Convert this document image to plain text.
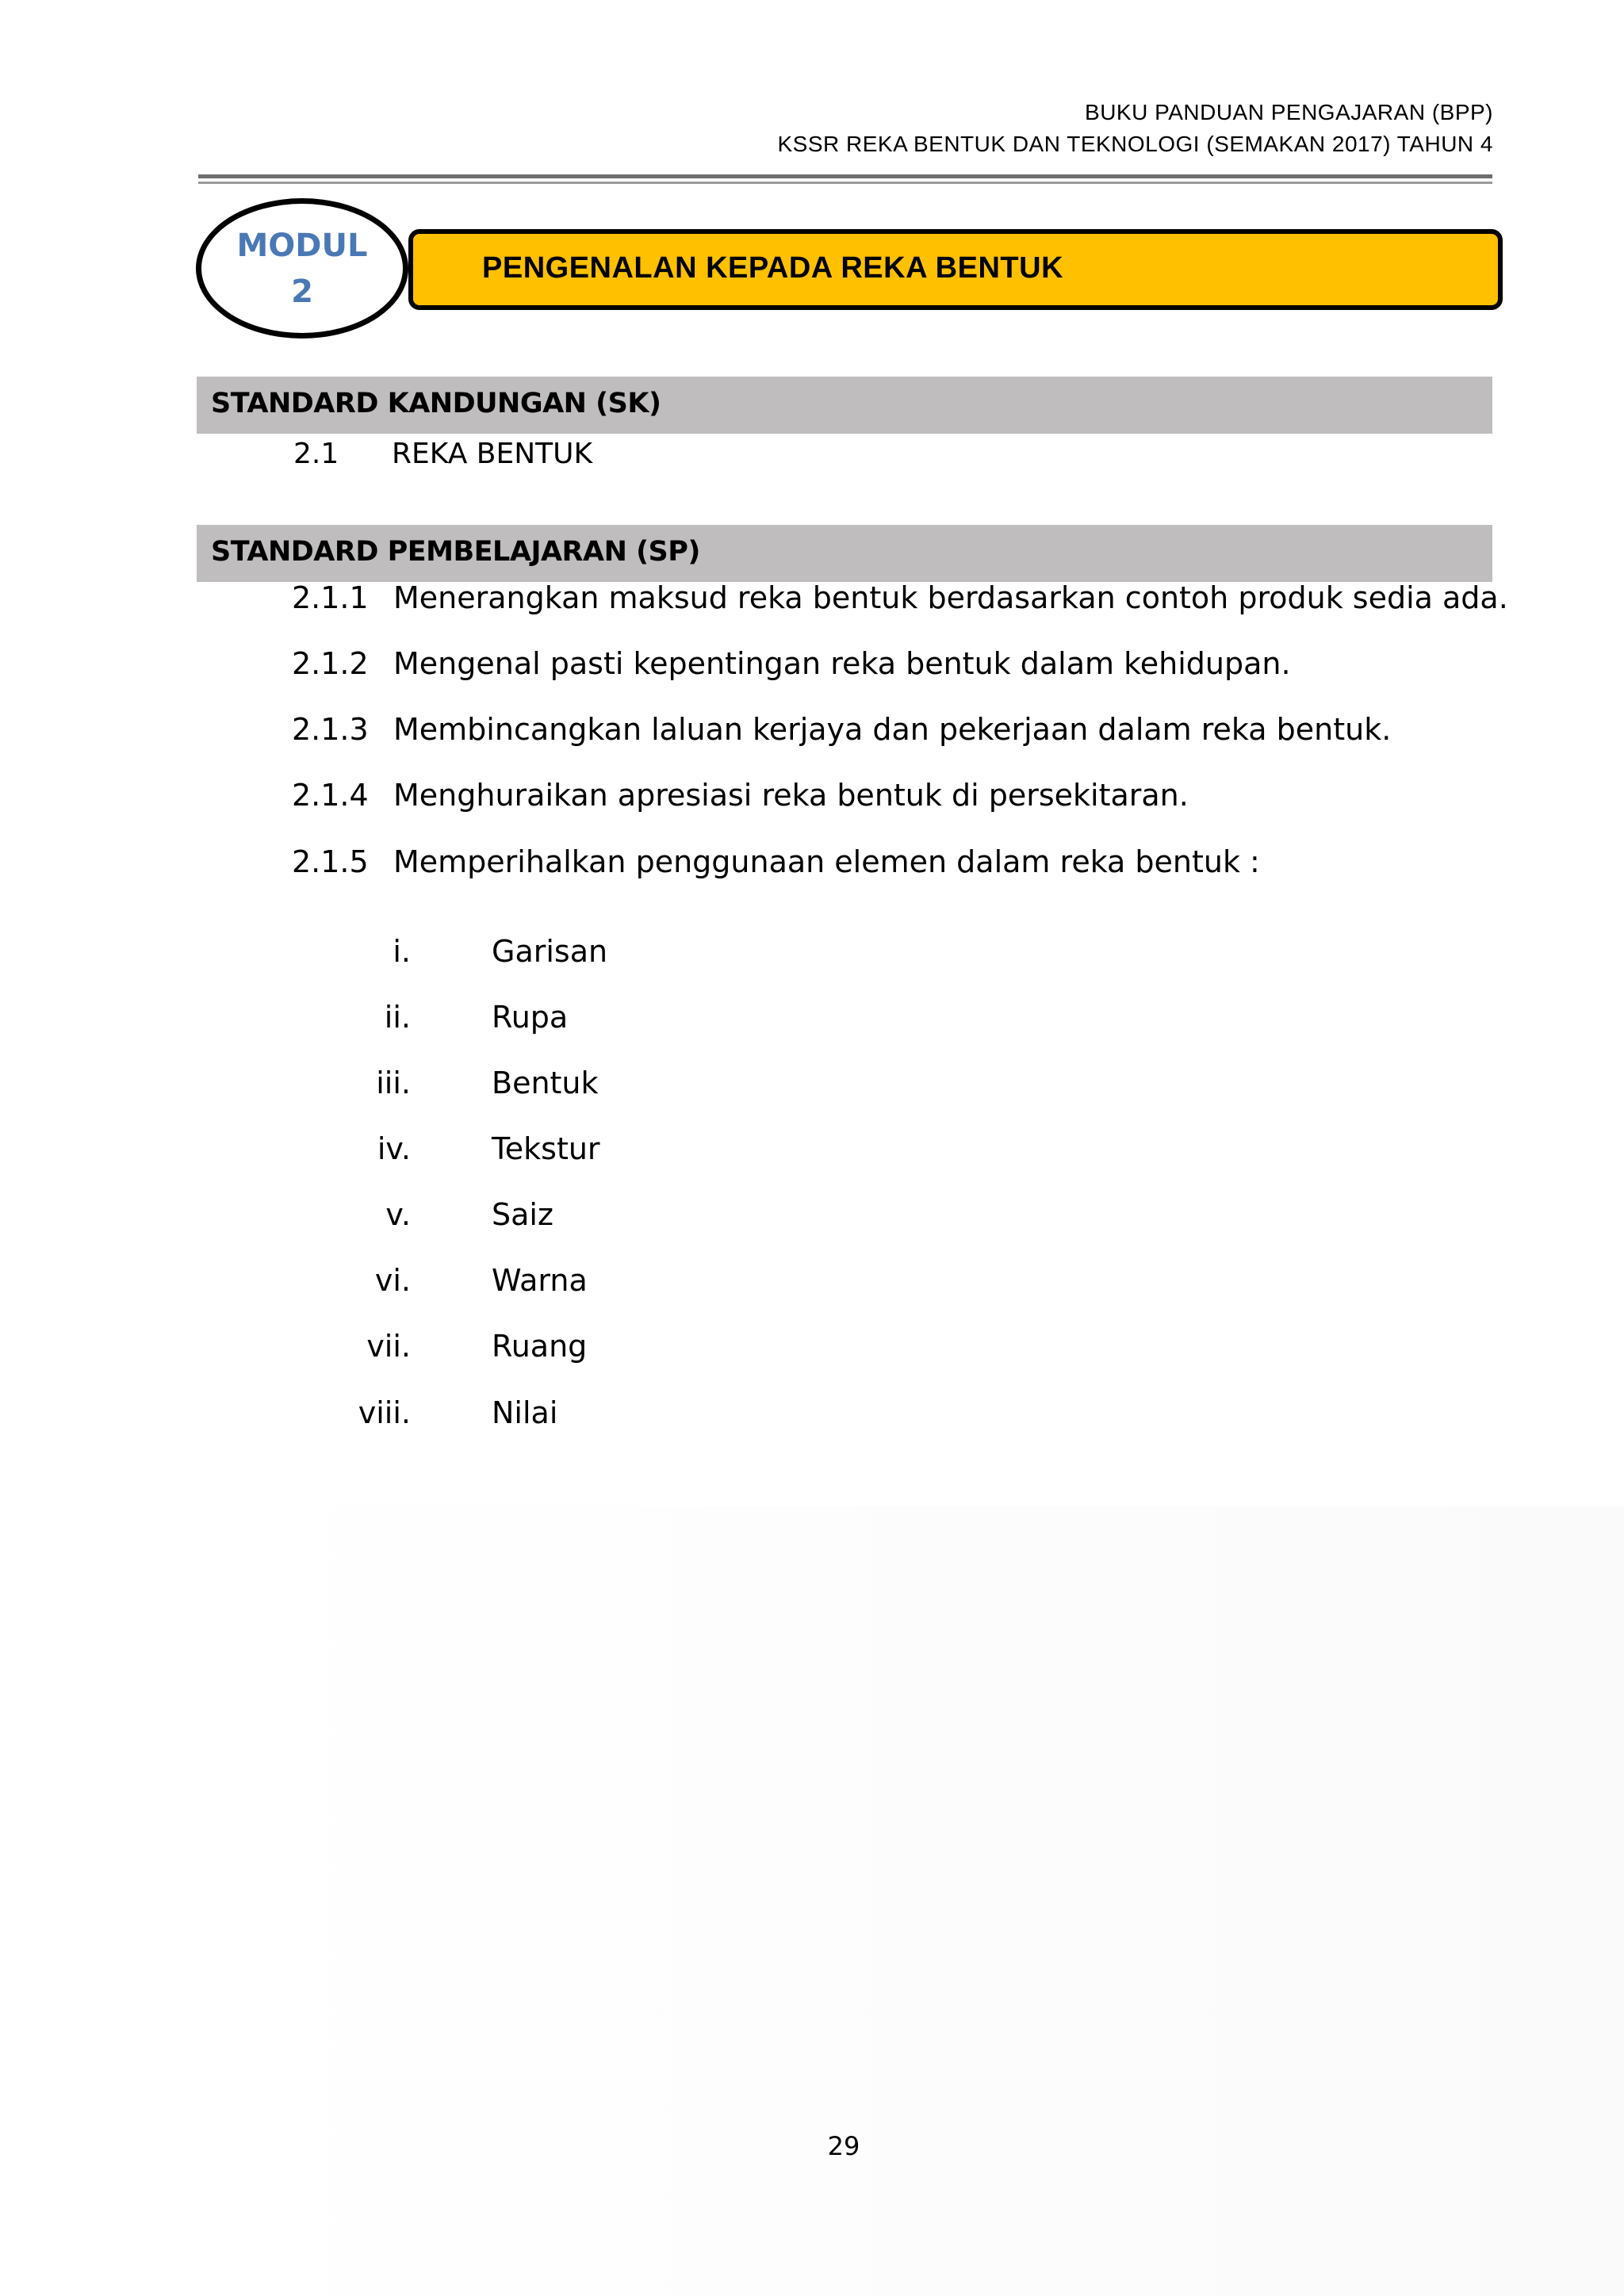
BUKU PANDUAN PENGAJARAN (BPP)
KSSR REKA BENTUK DAN TEKNOLOGI (SEMAKAN 2017) TAHUN 4
MODUL
2
PENGENALAN KEPADA REKA BENTUK
STANDARD KANDUNGAN (SK)
2.1 REKA BENTUK
STANDARD PEMBELAJARAN (SP)
2.1.1 Menerangkan maksud reka bentuk berdasarkan contoh produk sedia ada.
2.1.2 Mengenal pasti kepentingan reka bentuk dalam kehidupan.
2.1.3 Membincangkan laluan kerjaya dan pekerjaan dalam reka bentuk.
2.1.4 Menghuraikan apresiasi reka bentuk di persekitaran.
2.1.5 Memperihalkan penggunaan elemen dalam reka bentuk :
i.	Garisan
ii.	Rupa
iii.	Bentuk
iv.	Tekstur
v.	Saiz
vi.	Warna
vii.	Ruang
viii.	Nilai
29
